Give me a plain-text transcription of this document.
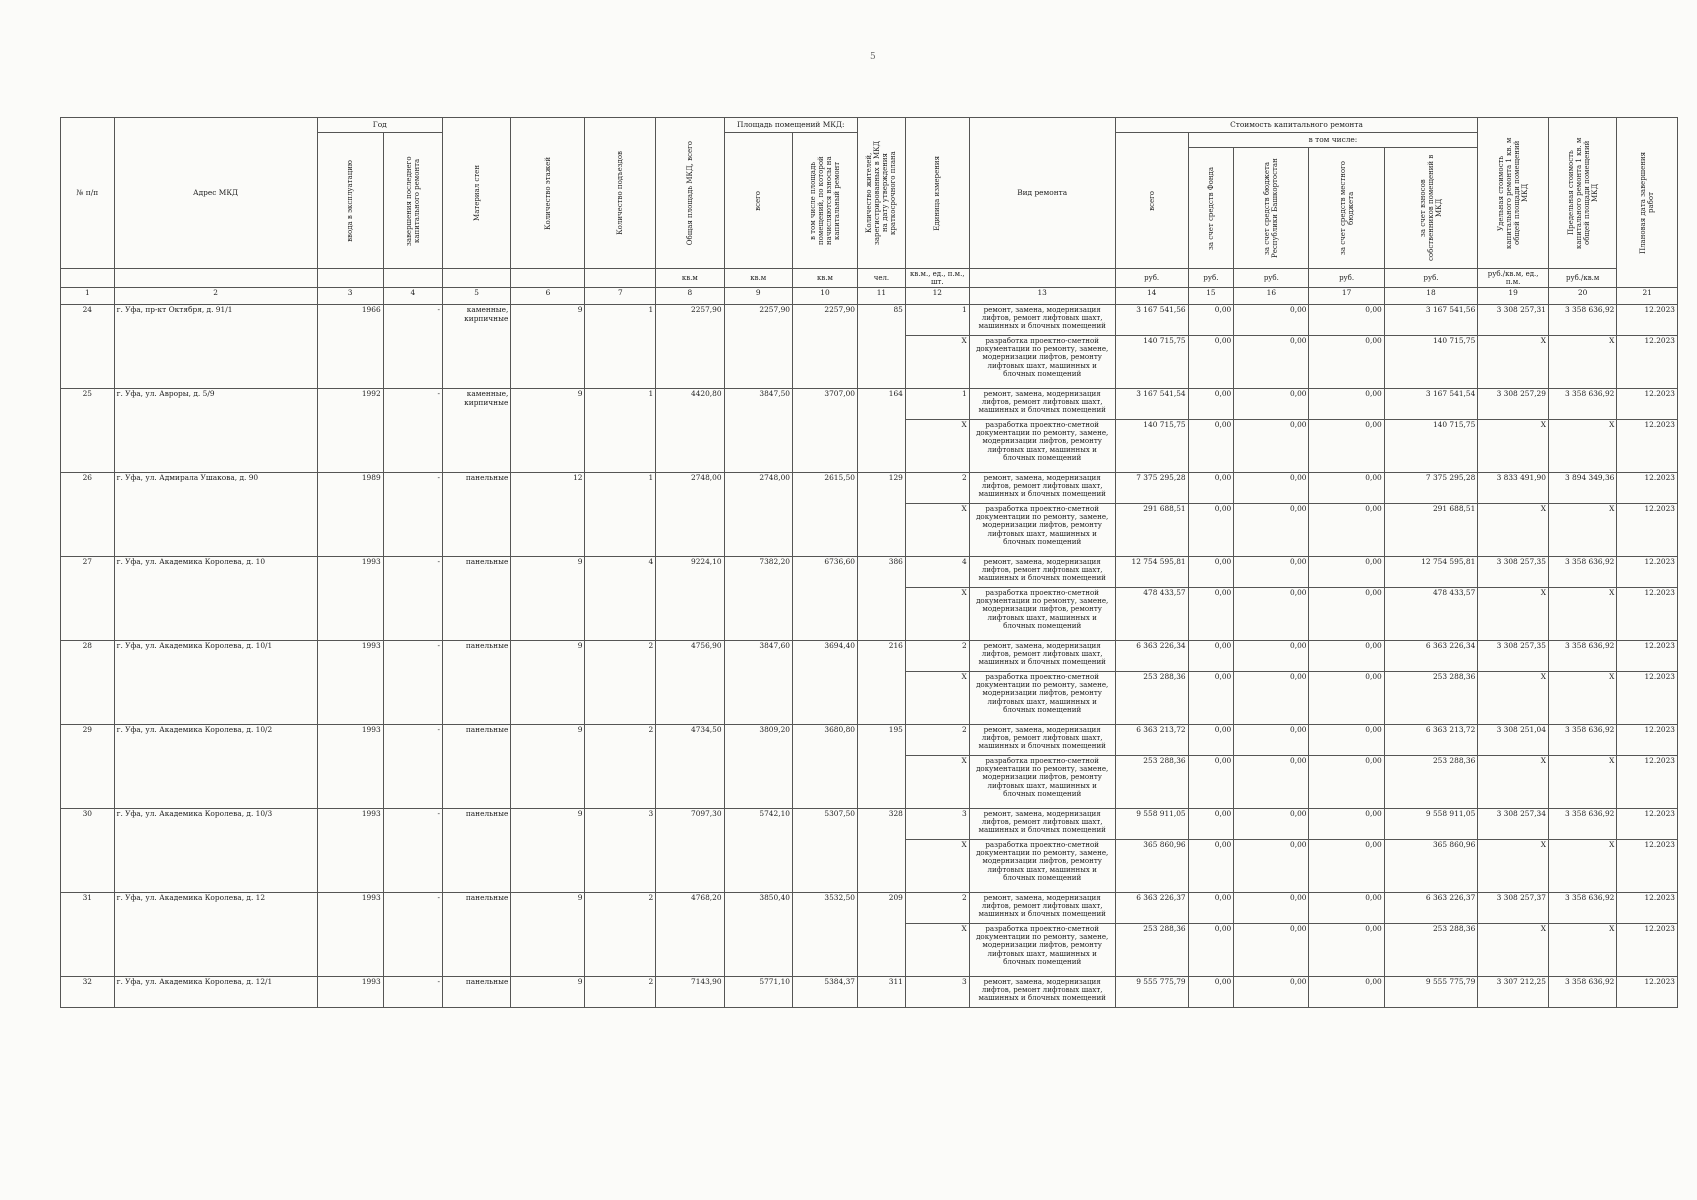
5
№ п/п	Адрес МКД	Год		Материал стен	Количество этажей	Количество подъездов	Общая площадь МКД, всего	Площадь помещений МКД:		Количество жителей, зарегистрированных в МКД на дату утверждения краткосрочного плана	Единица измерения	Вид ремонта	Стоимость капитального ремонта					Удельная стоимость капитального ремонта 1 кв. м общей площади помещений МКД	Предельная стоимость капитального ремонта 1 кв. м общей площади помещений МКД	Плановая дата завершения работ

		ввода в эксплуатацию	завершения последнего капитального ремонта					всего	в том числе площадь помещений, по которой начисляются взносы на капитальный ремонт				всего	в том числе:						

														за счет средств Фонда	за счет средств бюджета Республики Башкортостан	за счет средств местного бюджета	за счет взносов собственников помещений в МКД			

							кв.м	кв.м	кв.м	чел.	кв.м., ед., п.м., шт.		руб.	руб.	руб.	руб.	руб.	руб./кв.м, ед., п.м.	руб./кв.м	
1	2	3	4	5	6	7	8	9	10	11	12	13	14	15	16	17	18	19	20	21
24	г. Уфа, пр-кт Октября, д. 91/1	1966	-	каменные, кирпичные	9	1	2257,90	2257,90	2257,90	85	1	ремонт, замена, модернизация лифтов, ремонт лифтовых шахт, машинных и блочных помещений	3 167 541,56	0,00	0,00	0,00	3 167 541,56	3 308 257,31	3 358 636,92	12.2023
											X	разработка проектно-сметной документации по ремонту, замене, модернизации лифтов, ремонту лифтовых шахт, машинных и блочных помещений	140 715,75	0,00	0,00	0,00	140 715,75	X	X	12.2023
25	г. Уфа, ул. Авроры, д. 5/9	1992	-	каменные, кирпичные	9	1	4420,80	3847,50	3707,00	164	1	ремонт, замена, модернизация лифтов, ремонт лифтовых шахт, машинных и блочных помещений	3 167 541,54	0,00	0,00	0,00	3 167 541,54	3 308 257,29	3 358 636,92	12.2023
											X	разработка проектно-сметной документации по ремонту, замене, модернизации лифтов, ремонту лифтовых шахт, машинных и блочных помещений	140 715,75	0,00	0,00	0,00	140 715,75	X	X	12.2023
26	г. Уфа, ул. Адмирала Ушакова, д. 90	1989	-	панельные	12	1	2748,00	2748,00	2615,50	129	2	ремонт, замена, модернизация лифтов, ремонт лифтовых шахт, машинных и блочных помещений	7 375 295,28	0,00	0,00	0,00	7 375 295,28	3 833 491,90	3 894 349,36	12.2023
											X	разработка проектно-сметной документации по ремонту, замене, модернизации лифтов, ремонту лифтовых шахт, машинных и блочных помещений	291 688,51	0,00	0,00	0,00	291 688,51	X	X	12.2023
27	г. Уфа, ул. Академика Королева, д. 10	1993	-	панельные	9	4	9224,10	7382,20	6736,60	386	4	ремонт, замена, модернизация лифтов, ремонт лифтовых шахт, машинных и блочных помещений	12 754 595,81	0,00	0,00	0,00	12 754 595,81	3 308 257,35	3 358 636,92	12.2023
											X	разработка проектно-сметной документации по ремонту, замене, модернизации лифтов, ремонту лифтовых шахт, машинных и блочных помещений	478 433,57	0,00	0,00	0,00	478 433,57	X	X	12.2023
28	г. Уфа, ул. Академика Королева, д. 10/1	1993	-	панельные	9	2	4756,90	3847,60	3694,40	216	2	ремонт, замена, модернизация лифтов, ремонт лифтовых шахт, машинных и блочных помещений	6 363 226,34	0,00	0,00	0,00	6 363 226,34	3 308 257,35	3 358 636,92	12.2023
											X	разработка проектно-сметной документации по ремонту, замене, модернизации лифтов, ремонту лифтовых шахт, машинных и блочных помещений	253 288,36	0,00	0,00	0,00	253 288,36	X	X	12.2023
29	г. Уфа, ул. Академика Королева, д. 10/2	1993	-	панельные	9	2	4734,50	3809,20	3680,80	195	2	ремонт, замена, модернизация лифтов, ремонт лифтовых шахт, машинных и блочных помещений	6 363 213,72	0,00	0,00	0,00	6 363 213,72	3 308 251,04	3 358 636,92	12.2023
											X	разработка проектно-сметной документации по ремонту, замене, модернизации лифтов, ремонту лифтовых шахт, машинных и блочных помещений	253 288,36	0,00	0,00	0,00	253 288,36	X	X	12.2023
30	г. Уфа, ул. Академика Королева, д. 10/3	1993	-	панельные	9	3	7097,30	5742,10	5307,50	328	3	ремонт, замена, модернизация лифтов, ремонт лифтовых шахт, машинных и блочных помещений	9 558 911,05	0,00	0,00	0,00	9 558 911,05	3 308 257,34	3 358 636,92	12.2023
											X	разработка проектно-сметной документации по ремонту, замене, модернизации лифтов, ремонту лифтовых шахт, машинных и блочных помещений	365 860,96	0,00	0,00	0,00	365 860,96	X	X	12.2023
31	г. Уфа, ул. Академика Королева, д. 12	1993	-	панельные	9	2	4768,20	3850,40	3532,50	209	2	ремонт, замена, модернизация лифтов, ремонт лифтовых шахт, машинных и блочных помещений	6 363 226,37	0,00	0,00	0,00	6 363 226,37	3 308 257,37	3 358 636,92	12.2023
											X	разработка проектно-сметной документации по ремонту, замене, модернизации лифтов, ремонту лифтовых шахт, машинных и блочных помещений	253 288,36	0,00	0,00	0,00	253 288,36	X	X	12.2023
32	г. Уфа, ул. Академика Королева, д. 12/1	1993	-	панельные	9	2	7143,90	5771,10	5384,37	311	3	ремонт, замена, модернизация лифтов, ремонт лифтовых шахт, машинных и блочных помещений	9 555 775,79	0,00	0,00	0,00	9 555 775,79	3 307 212,25	3 358 636,92	12.2023
